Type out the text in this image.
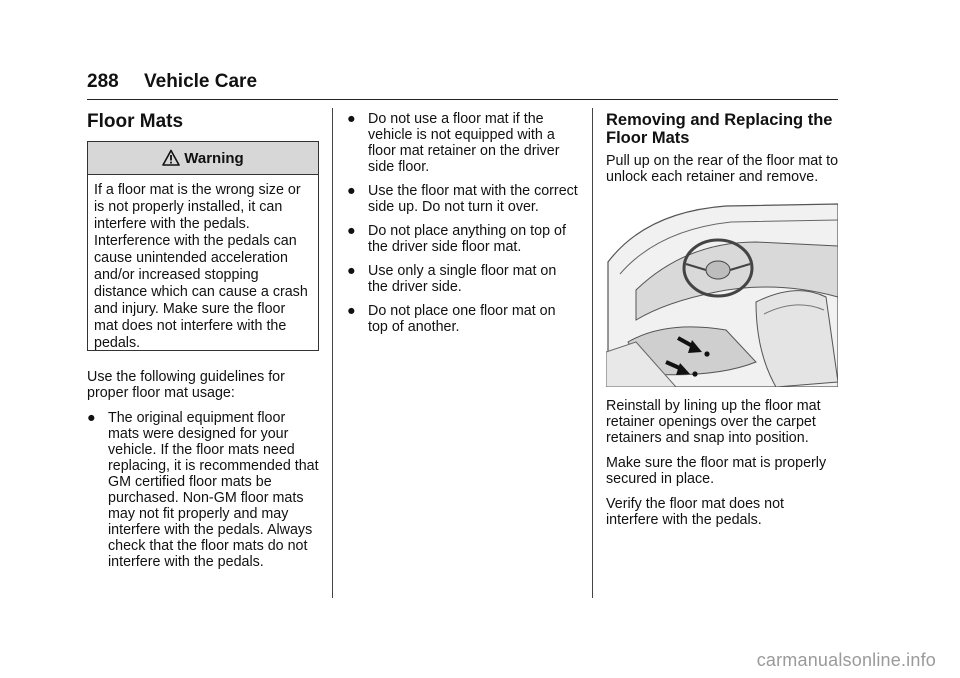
288 Vehicle Care
Floor Mats
Warning

If a floor mat is the wrong size or is not properly installed, it can interfere with the pedals. Interference with the pedals can cause unintended acceleration and/or increased stopping distance which can cause a crash and injury. Make sure the floor mat does not interfere with the pedals.

Use the following guidelines for proper floor mat usage:

● The original equipment floor mats were designed for your vehicle. If the floor mats need replacing, it is recommended that GM certified floor mats be purchased. Non-GM floor mats may not fit properly and may interfere with the pedals. Always check that the floor mats do not interfere with the pedals.
● Do not use a floor mat if the vehicle is not equipped with a floor mat retainer on the driver side floor.
● Use the floor mat with the correct side up. Do not turn it over.
● Do not place anything on top of the driver side floor mat.
● Use only a single floor mat on the driver side.
● Do not place one floor mat on top of another.
Removing and Replacing the Floor Mats

Pull up on the rear of the floor mat to unlock each retainer and remove.

Reinstall by lining up the floor mat retainer openings over the carpet retainers and snap into position.

Make sure the floor mat is properly secured in place.

Verify the floor mat does not interfere with the pedals.

carmanualsonline.info
